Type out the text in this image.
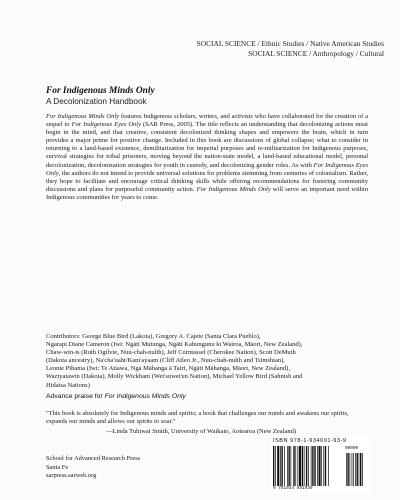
SOCIAL SCIENCE / Ethnic Studies / Native American Studies
SOCIAL SCIENCE / Anthropology / Cultural
For Indigenous Minds Only
A Decolonization Handbook
For Indigenous Minds Only features Indigenous scholars, writers, and activists who have collaborated for the creation of a sequel to For Indigenous Eyes Only (SAR Press, 2005). The title reflects an understanding that decolonizing actions must begin in the mind, and that creative, consistent decolonized thinking shapes and empowers the brain, which in turn provides a major prime for positive change. Included in this book are discussions of global collapse; what to consider in returning to a land-based existence, demilitarization for imperial purposes and re-militarization for Indigenous purposes, survival strategies for tribal prisoners, moving beyond the nation-state model, a land-based educational model, personal decolonization, decolonization strategies for youth in custody, and decolonizing gender roles. As with For Indigenous Eyes Only, the authors do not intend to provide universal solutions for problems stemming from centuries of colonialism. Rather, they hope to facilitate and encourage critical thinking skills while offering recommendations for fostering community discussions and plans for purposeful community action. For Indigenous Minds Only will serve an important need within Indigenous communities for years to come.
Contributors: George Blue Bird (Lakota), Gregory A. Cajete (Santa Clara Pueblo),
Ngarapi Diane Cameron (Iwi: Ngāti Mutunga, Ngāti Kahungunu ki Wairoa, Māori, New Zealand),
Chaw-win-is (Ruth Ogilvie, Nuu-chah-nulth), Jeff Corntassel (Cherokee Nation), Scott DeMuth
(Dakota ancestry), Na'cha'uaht/Kam'ayaam (Cliff Atleo Jr., Nuu-chah-nulth and Tsimshian),
Leonie Pihama (Iwi: Te Atiawa, Ngā Māhanga ā Tairi, Ngāti Māhanga, Māori, New Zealand),
Waziyatawin (Dakota), Molly Wickham (Wet'suwet'en Nation), Michael Yellow Bird (Sahnish and
Hidatsa Nations)
Advance praise for For Indigenous Minds Only
"This book is absolutely for Indigenous minds and spirits; a book that challenges our minds and awakens our spirits, expands our minds and allows our spirits to soar."
—Linda Tuhiwai Smith, University of Waikato, Aotearoa (New Zealand)
School for Advanced Research Press
Santa Fe
sarpress.sarweb.org
ISBN 978-1-934691-93-9
9 781934 691939
90000
